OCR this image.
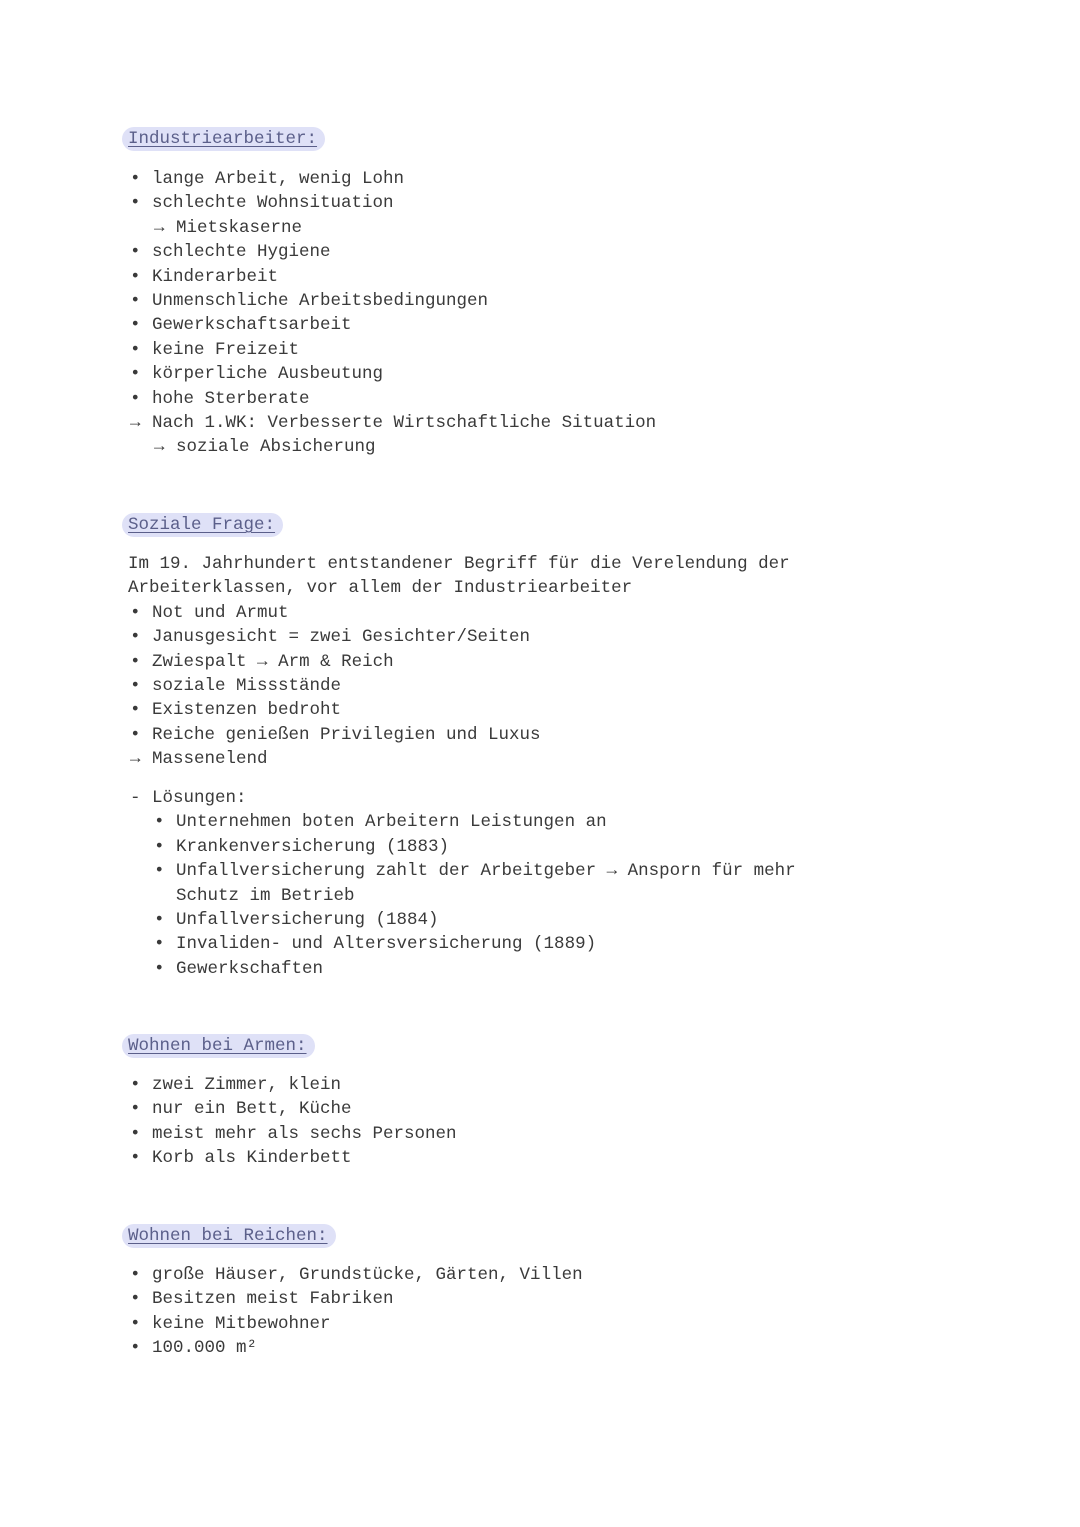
Industriearbeiter:
• lange Arbeit, wenig Lohn
• schlechte Wohnsituation
→ Mietskaserne
• schlechte Hygiene
• Kinderarbeit
• Unmenschliche Arbeitsbedingungen
• Gewerkschaftsarbeit
• keine Freizeit
• körperliche Ausbeutung
• hohe Sterberate
→ Nach 1.WK: Verbesserte Wirtschaftliche Situation
→ soziale Absicherung
Soziale Frage:
Im 19. Jahrhundert entstandener Begriff für die Verelendung der
Arbeiterklassen, vor allem der Industriearbeiter
• Not und Armut
• Janusgesicht = zwei Gesichter/Seiten
• Zwiespalt → Arm & Reich
• soziale Missstände
• Existenzen bedroht
• Reiche genießen Privilegien und Luxus
→ Massenelend
- Lösungen:
• Unternehmen boten Arbeitern Leistungen an
• Krankenversicherung (1883)
• Unfallversicherung zahlt der Arbeitgeber → Ansporn für mehr
Schutz im Betrieb
• Unfallversicherung (1884)
• Invaliden- und Altersversicherung (1889)
• Gewerkschaften
Wohnen bei Armen:
• zwei Zimmer, klein
• nur ein Bett, Küche
• meist mehr als sechs Personen
• Korb als Kinderbett
Wohnen bei Reichen:
• große Häuser, Grundstücke, Gärten, Villen
• Besitzen meist Fabriken
• keine Mitbewohner
• 100.000 m²
